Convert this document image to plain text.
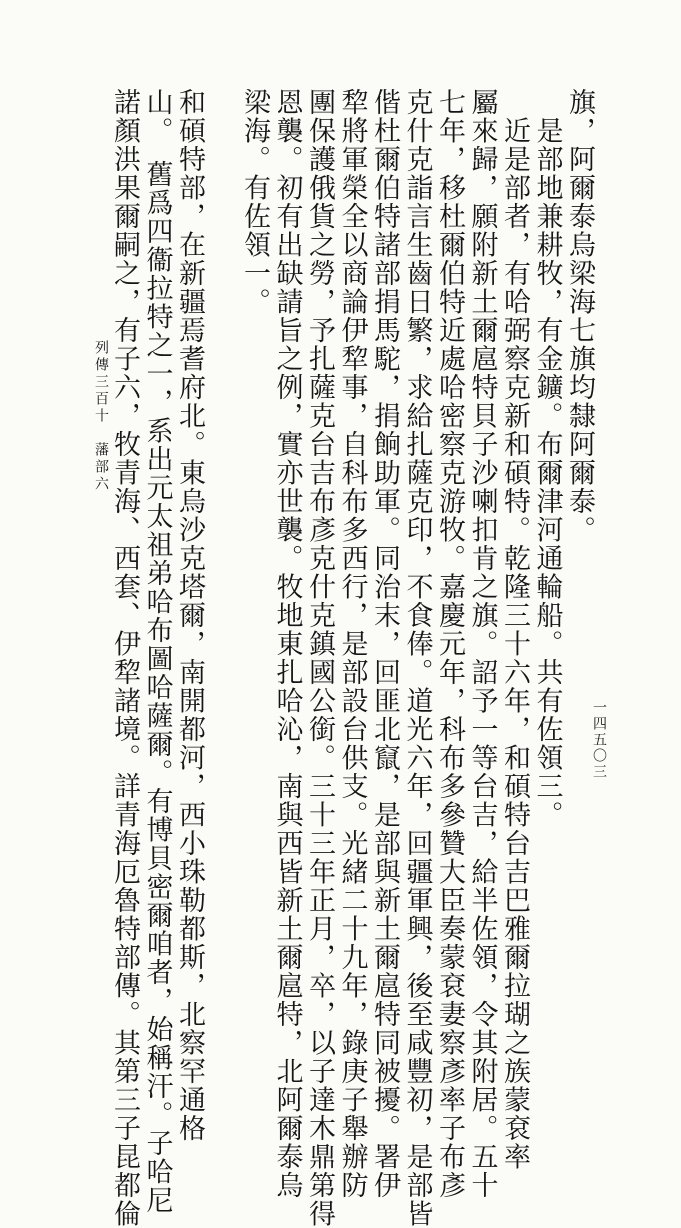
旗，阿爾泰烏梁海七旗均隸阿爾泰。
　是部地兼耕牧，有金鑛。布爾津河通輪船。共有佐領三。
　近是部者，有哈弼察克新和碩特。乾隆三十六年，和碩特台吉巴雅爾拉瑚之族蒙袞率
屬來歸，願附新土爾扈特貝子沙喇扣肯之旗。詔予一等台吉，給半佐領，令其附居。五十
七年，移杜爾伯特近處哈密察克游牧。嘉慶元年，科布多參贊大臣奏蒙袞妻察彥率子布彥
克什克詣言生齒日繁，求給扎薩克印，不食俸。道光六年，回疆軍興，後至咸豐初，是部皆
偕杜爾伯特諸部捐馬駝，捐餉助軍。同治末，回匪北竄，是部與新土爾扈特同被擾。署伊
犂將軍榮全以商論伊犂事，自科布多西行，是部設台供支。光緒二十九年，錄庚子舉辦防
團保護俄貨之勞，予扎薩克台吉布彥克什克鎮國公銜。三十三年正月，卒，以子達木鼎第得
恩襲。初有出缺請旨之例，實亦世襲。牧地東扎哈沁，南與西皆新土爾扈特，北阿爾泰烏
梁海。有佐領一。
和碩特部，在新疆焉耆府北。東烏沙克塔爾，南開都河，西小珠勒都斯，北察罕通格
山。　舊爲四衞拉特之一，系出元太祖弟哈布圖哈薩爾。有博貝密爾咱者，始稱汗。子哈尼
諾顏洪果爾嗣之，有子六，牧青海、西套、伊犂諸境。詳青海厄魯特部傳。其第三子昆都倫
列傳三百十　藩部六
一四五〇三
